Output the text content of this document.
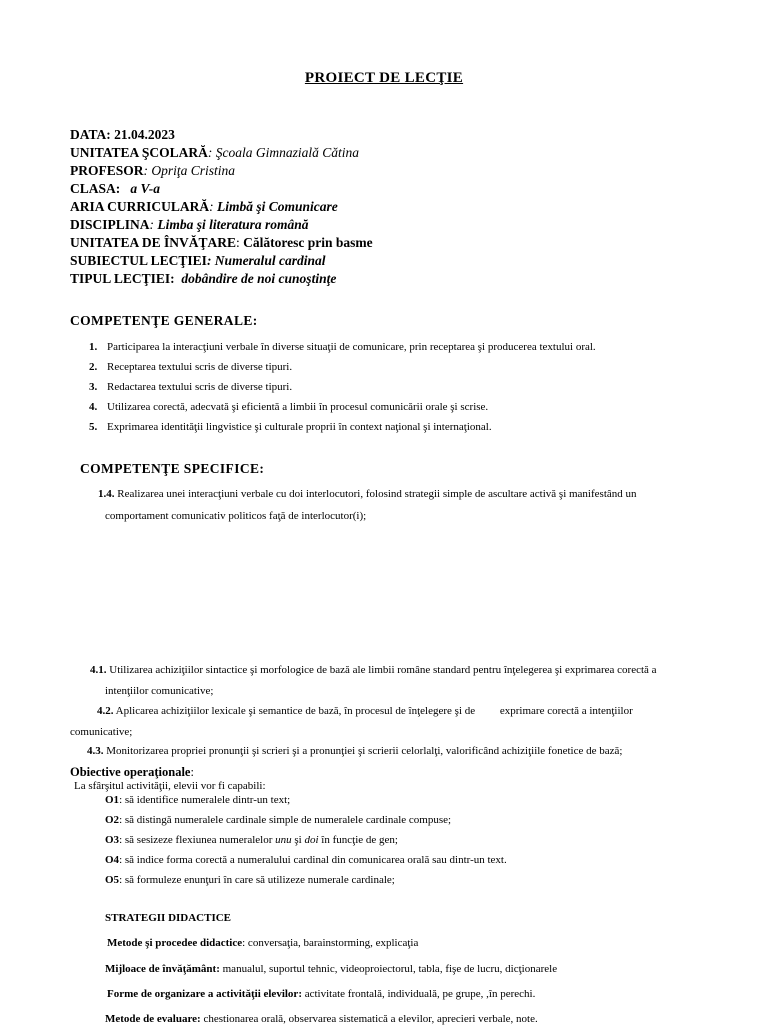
PROIECT DE LECŢIE
DATA: 21.04.2023
UNITATEA ŞCOLARĂ: Şcoala Gimnazială Cătina
PROFESOR: Opriţa Cristina
CLASA: a V-a
ARIA CURRICULARĂ: Limbă şi Comunicare
DISCIPLINA: Limba şi literatura română
UNITATEA DE ÎNVĂŢARE: Călătoresc prin basme
SUBIECTUL LECŢIEI: Numeralul cardinal
TIPUL LECŢIEI: dobândire de noi cunoştinţe
COMPETENŢE GENERALE:
1. Participarea la interacţiuni verbale în diverse situaţii de comunicare, prin receptarea şi producerea textului oral.
2. Receptarea textului scris de diverse tipuri.
3. Redactarea textului scris de diverse tipuri.
4. Utilizarea corectă, adecvată şi eficientă a limbii în procesul comunicării orale şi scrise.
5. Exprimarea identităţii lingvistice şi culturale proprii în context naţional şi internaţional.
COMPETENŢE SPECIFICE:
1.4. Realizarea unei interacţiuni verbale cu doi interlocutori, folosind strategii simple de ascultare activă şi manifestând un
comportament comunicativ politicos faţă de interlocutor(i);
4.1. Utilizarea achiziţiilor sintactice şi morfologice de bază ale limbii române standard pentru înţelegerea şi exprimarea corectă a
intenţiilor comunicative;
4.2. Aplicarea achiziţiilor lexicale şi semantice de bază, în procesul de înţelegere şi de         exprimare corectă a intenţiilor
comunicative;
4.3. Monitorizarea propriei pronunţii şi scrieri şi a pronunţiei şi scrierii celorlalţi, valorificând achiziţiile fonetice de bază;
Obiective operaţionale:
La sfârşitul activităţii, elevii vor fi capabili:
O1: să identifice numeralele dintr-un text;
O2: să distingă numeralele cardinale simple de numeralele cardinale compuse;
O3: să sesizeze flexiunea numeralelor unu şi doi în funcţie de gen;
O4: să indice forma corectă a numeralului cardinal din comunicarea orală sau dintr-un text.
O5: să formuleze enunţuri în care să utilizeze numerale cardinale;
STRATEGII DIDACTICE
Metode şi procedee didactice: conversaţia, barainstorming, explicaţia
Mijloace de învăţământ: manualul, suportul tehnic, videoproiectorul, tabla, fişe de lucru, dicţionarele
Forme de organizare a activităţii elevilor: activitate frontală, individuală, pe grupe, ,în perechi.
Metode de evaluare: chestionarea orală, observarea sistematică a elevilor, aprecieri verbale, note.
